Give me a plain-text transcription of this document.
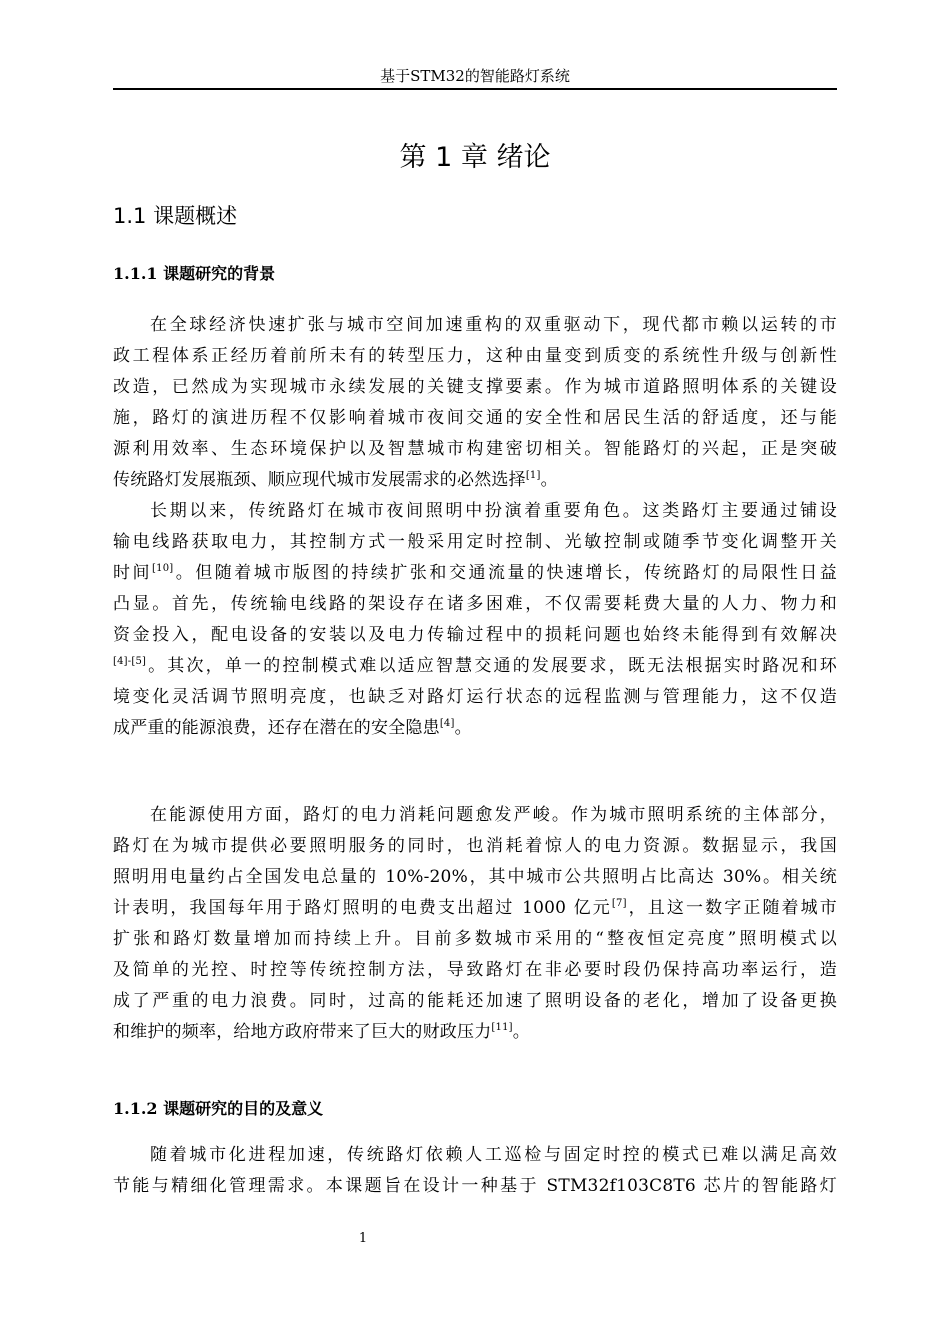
基于STM32的智能路灯系统
第 1 章 绪论
1.1 课题概述
1.1.1 课题研究的背景
在全球经济快速扩张与城市空间加速重构的双重驱动下，现代都市赖以运转的市
政工程体系正经历着前所未有的转型压力，这种由量变到质变的系统性升级与创新性
改造，已然成为实现城市永续发展的关键支撑要素。作为城市道路照明体系的关键设
施，路灯的演进历程不仅影响着城市夜间交通的安全性和居民生活的舒适度，还与能
源利用效率、生态环境保护以及智慧城市构建密切相关。智能路灯的兴起，正是突破
传统路灯发展瓶颈、顺应现代城市发展需求的必然选择[1]。
长期以来，传统路灯在城市夜间照明中扮演着重要角色。这类路灯主要通过铺设
输电线路获取电力，其控制方式一般采用定时控制、光敏控制或随季节变化调整开关
时间[10]。但随着城市版图的持续扩张和交通流量的快速增长，传统路灯的局限性日益
凸显。首先，传统输电线路的架设存在诸多困难，不仅需要耗费大量的人力、物力和
资金投入，配电设备的安装以及电力传输过程中的损耗问题也始终未能得到有效解决
[4]-[5]。其次，单一的控制模式难以适应智慧交通的发展要求，既无法根据实时路况和环
境变化灵活调节照明亮度，也缺乏对路灯运行状态的远程监测与管理能力，这不仅造
成严重的能源浪费，还存在潜在的安全隐患[4]。
在能源使用方面，路灯的电力消耗问题愈发严峻。作为城市照明系统的主体部分，
路灯在为城市提供必要照明服务的同时，也消耗着惊人的电力资源。数据显示，我国
照明用电量约占全国发电总量的 10%-20%，其中城市公共照明占比高达 30%。相关统
计表明，我国每年用于路灯照明的电费支出超过 1000 亿元[7]，且这一数字正随着城市
扩张和路灯数量增加而持续上升。目前多数城市采用的“整夜恒定亮度”照明模式以
及简单的光控、时控等传统控制方法，导致路灯在非必要时段仍保持高功率运行，造
成了严重的电力浪费。同时，过高的能耗还加速了照明设备的老化，增加了设备更换
和维护的频率，给地方政府带来了巨大的财政压力[11]。
1.1.2 课题研究的目的及意义
随着城市化进程加速，传统路灯依赖人工巡检与固定时控的模式已难以满足高效
节能与精细化管理需求。本课题旨在设计一种基于 STM32f103C8T6 芯片的智能路灯
1
